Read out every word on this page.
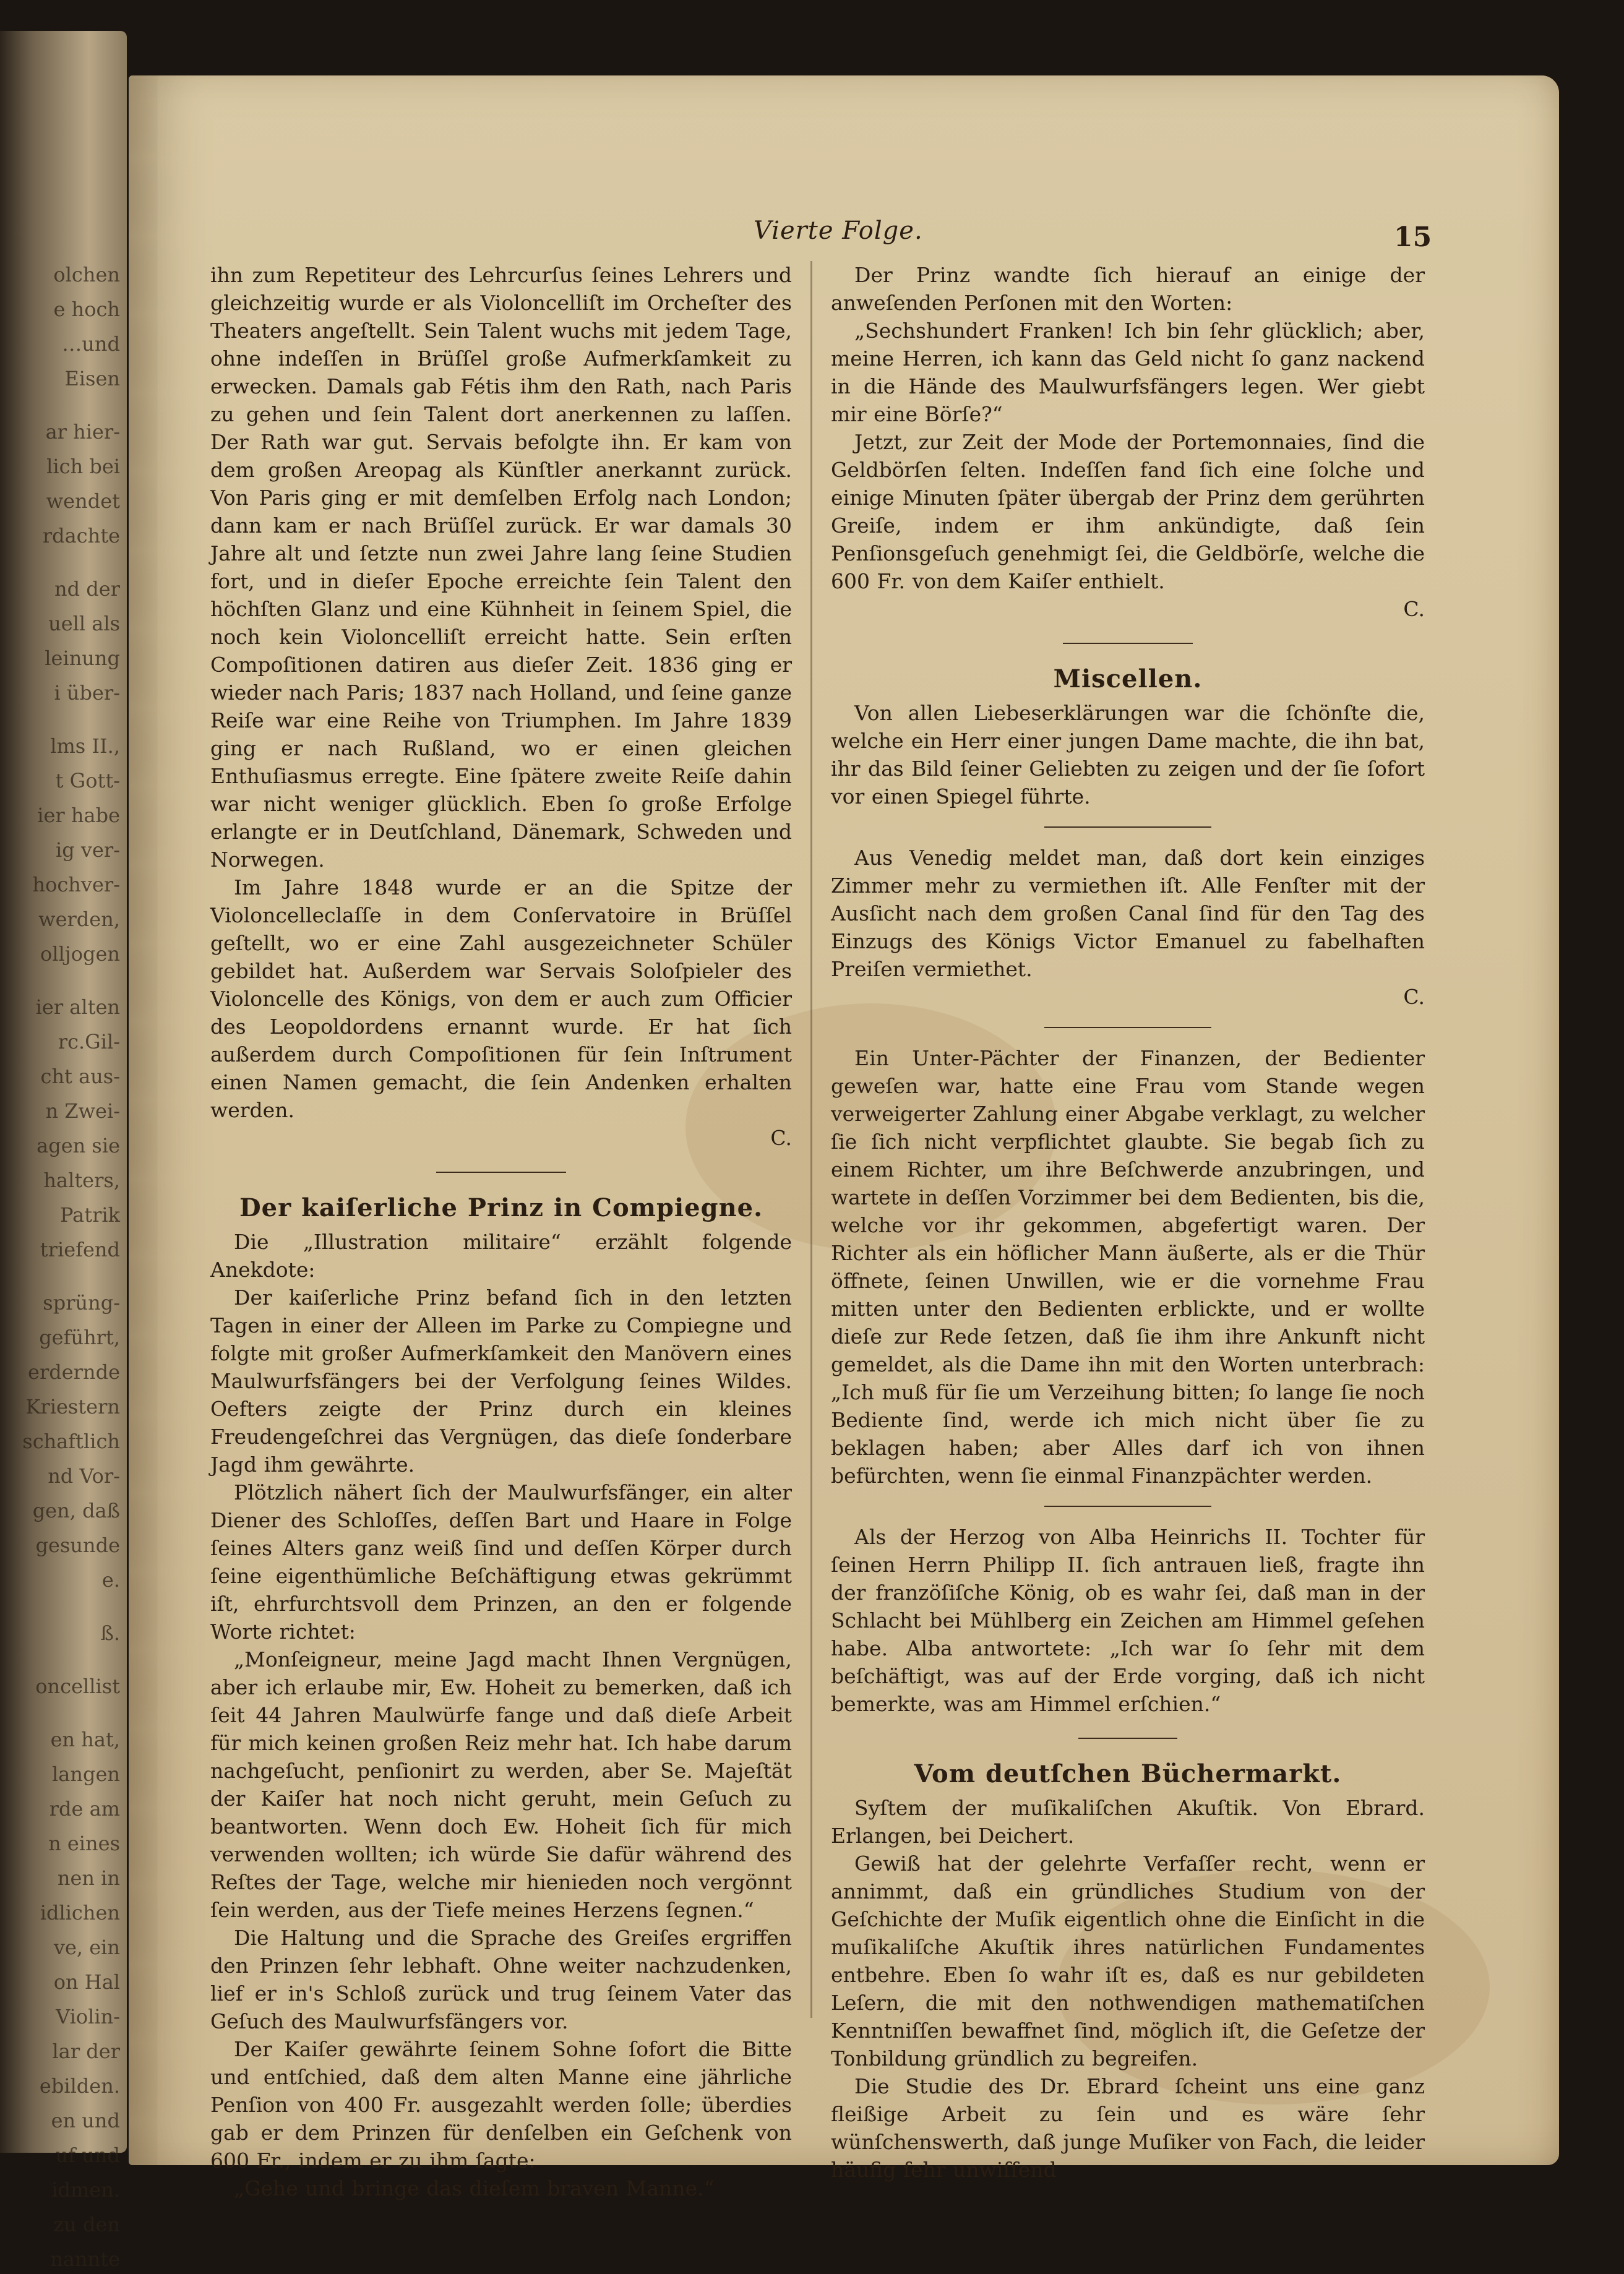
olchen
e hoch
…und
Eisen
ar hier-
lich bei
wendet
rdachte
nd der
uell als
leinung
i über-
lms II.,
t Gott-
ier habe
ig ver-
hochver-
werden,
olljogen
ier alten
rc.Gil-
cht aus-
n Zwei-
agen sie
halters,
Patrik
triefend
sprüng-
geführt,
erdernde
Kriestern
schaftlich
nd Vor-
gen, daß
gesunde
e.
ß.
oncellist
en hat,
langen
rde am
n eines
nen in
idlichen
ve, ein
on Hal
Violin-
lar der
ebilden.
en und
uf und
idmen.
zu den
nannte
Vierte Folge.	15

ihn zum Repetiteur des Lehrcurſus ſeines Lehrers und gleichzeitig wurde er als Violoncelliſt im Orcheſter des Theaters angeſtellt. Sein Talent wuchs mit jedem Tage, ohne indeſſen in Brüſſel große Aufmerkſamkeit zu erwecken. Damals gab Fétis ihm den Rath, nach Paris zu gehen und ſein Talent dort anerkennen zu laſſen. Der Rath war gut. Servais befolgte ihn. Er kam von dem großen Areopag als Künſtler anerkannt zurück. Von Paris ging er mit demſelben Erfolg nach London; dann kam er nach Brüſſel zurück. Er war damals 30 Jahre alt und ſetzte nun zwei Jahre lang ſeine Studien fort, und in dieſer Epoche erreichte ſein Talent den höchſten Glanz und eine Kühnheit in ſeinem Spiel, die noch kein Violoncelliſt erreicht hatte. Sein erſten Compoſitionen datiren aus dieſer Zeit. 1836 ging er wieder nach Paris; 1837 nach Holland, und ſeine ganze Reiſe war eine Reihe von Triumphen. Im Jahre 1839 ging er nach Rußland, wo er einen gleichen Enthuſiasmus erregte. Eine ſpätere zweite Reiſe dahin war nicht weniger glücklich. Eben ſo große Erfolge erlangte er in Deutſchland, Dänemark, Schweden und Norwegen.

Im Jahre 1848 wurde er an die Spitze der Violoncelleclaſſe in dem Conſervatoire in Brüſſel geſtellt, wo er eine Zahl ausgezeichneter Schüler gebildet hat. Außerdem war Servais Soloſpieler des Violoncelle des Königs, von dem er auch zum Officier des Leopoldordens ernannt wurde. Er hat ſich außerdem durch Compoſitionen für ſein Inſtrument einen Namen gemacht, die ſein Andenken erhalten werden.

C.

Der kaiſerliche Prinz in Compiegne.

Die „Illustration militaire“ erzählt folgende Anekdote:

Der kaiſerliche Prinz befand ſich in den letzten Tagen in einer der Alleen im Parke zu Compiegne und folgte mit großer Aufmerkſamkeit den Manövern eines Maulwurfsfängers bei der Verfolgung ſeines Wildes. Oefters zeigte der Prinz durch ein kleines Freudengeſchrei das Vergnügen, das dieſe ſonderbare Jagd ihm gewährte.

Plötzlich nähert ſich der Maulwurfsfänger, ein alter Diener des Schloſſes, deſſen Bart und Haare in Folge ſeines Alters ganz weiß ſind und deſſen Körper durch ſeine eigenthümliche Beſchäftigung etwas gekrümmt iſt, ehrfurchtsvoll dem Prinzen, an den er folgende Worte richtet:

„Monſeigneur, meine Jagd macht Ihnen Vergnügen, aber ich erlaube mir, Ew. Hoheit zu bemerken, daß ich ſeit 44 Jahren Maulwürfe fange und daß dieſe Arbeit für mich keinen großen Reiz mehr hat. Ich habe darum nachgeſucht, penſionirt zu werden, aber Se. Majeſtät der Kaiſer hat noch nicht geruht, mein Geſuch zu beantworten. Wenn doch Ew. Hoheit ſich für mich verwenden wollten; ich würde Sie dafür während des Reſtes der Tage, welche mir hienieden noch vergönnt ſein werden, aus der Tiefe meines Herzens ſegnen.“

Die Haltung und die Sprache des Greiſes ergriffen den Prinzen ſehr lebhaft. Ohne weiter nachzudenken, lief er in's Schloß zurück und trug ſeinem Vater das Geſuch des Maulwurfsfängers vor.

Der Kaiſer gewährte ſeinem Sohne ſofort die Bitte und entſchied, daß dem alten Manne eine jährliche Penſion von 400 Fr. ausgezahlt werden ſolle; überdies gab er dem Prinzen für denſelben ein Geſchenk von 600 Fr., indem er zu ihm ſagte:

„Gehe und bringe das dieſem braven Manne.“

Der Prinz wandte ſich hierauf an einige der anweſenden Perſonen mit den Worten:

„Sechshundert Franken! Ich bin ſehr glücklich; aber, meine Herren, ich kann das Geld nicht ſo ganz nackend in die Hände des Maulwurfsfängers legen. Wer giebt mir eine Börſe?“

Jetzt, zur Zeit der Mode der Portemonnaies, ſind die Geldbörſen ſelten. Indeſſen fand ſich eine ſolche und einige Minuten ſpäter übergab der Prinz dem gerührten Greiſe, indem er ihm ankündigte, daß ſein Penſionsgeſuch genehmigt ſei, die Geldbörſe, welche die 600 Fr. von dem Kaiſer enthielt.

C.

Miscellen.

Von allen Liebeserklärungen war die ſchönſte die, welche ein Herr einer jungen Dame machte, die ihn bat, ihr das Bild ſeiner Geliebten zu zeigen und der ſie ſofort vor einen Spiegel führte.

Aus Venedig meldet man, daß dort kein einziges Zimmer mehr zu vermiethen iſt. Alle Fenſter mit der Ausſicht nach dem großen Canal ſind für den Tag des Einzugs des Königs Victor Emanuel zu fabelhaften Preiſen vermiethet.

C.

Ein Unter-Pächter der Finanzen, der Bedienter geweſen war, hatte eine Frau vom Stande wegen verweigerter Zahlung einer Abgabe verklagt, zu welcher ſie ſich nicht verpflichtet glaubte. Sie begab ſich zu einem Richter, um ihre Beſchwerde anzubringen, und wartete in deſſen Vorzimmer bei dem Bedienten, bis die, welche vor ihr gekommen, abgefertigt waren. Der Richter als ein höflicher Mann äußerte, als er die Thür öffnete, ſeinen Unwillen, wie er die vornehme Frau mitten unter den Bedienten erblickte, und er wollte dieſe zur Rede ſetzen, daß ſie ihm ihre Ankunft nicht gemeldet, als die Dame ihn mit den Worten unterbrach: „Ich muß für ſie um Verzeihung bitten; ſo lange ſie noch Bediente ſind, werde ich mich nicht über ſie zu beklagen haben; aber Alles darf ich von ihnen befürchten, wenn ſie einmal Finanzpächter werden.

Als der Herzog von Alba Heinrichs II. Tochter für ſeinen Herrn Philipp II. ſich antrauen ließ, fragte ihn der franzöſiſche König, ob es wahr ſei, daß man in der Schlacht bei Mühlberg ein Zeichen am Himmel geſehen habe. Alba antwortete: „Ich war ſo ſehr mit dem beſchäftigt, was auf der Erde vorging, daß ich nicht bemerkte, was am Himmel erſchien.“

Vom deutſchen Büchermarkt.

Syſtem der muſikaliſchen Akuſtik. Von Ebrard. Erlangen, bei Deichert.

Gewiß hat der gelehrte Verfaſſer recht, wenn er annimmt, daß ein gründliches Studium von der Geſchichte der Muſik eigentlich ohne die Einſicht in die muſikaliſche Akuſtik ihres natürlichen Fundamentes entbehre. Eben ſo wahr iſt es, daß es nur gebildeten Leſern, die mit den nothwendigen mathematiſchen Kenntniſſen bewaffnet ſind, möglich iſt, die Geſetze der Tonbildung gründlich zu begreifen.

Die Studie des Dr. Ebrard ſcheint uns eine ganz fleißige Arbeit zu ſein und es wäre ſehr wünſchenswerth, daß junge Muſiker von Fach, die leider häufig ſehr unwiſſend
